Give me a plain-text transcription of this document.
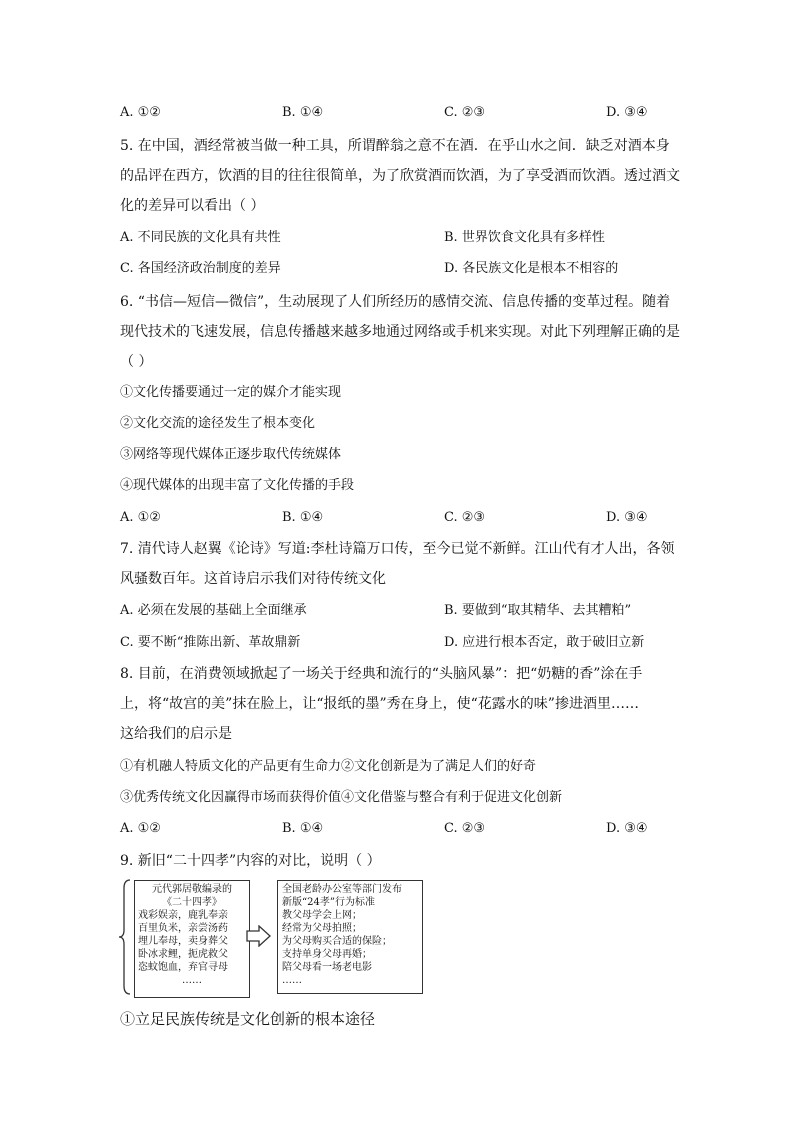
A. ①②	B. ①④	C. ②③	D. ③④
5. 在中国，酒经常被当做一种工具，所谓醉翁之意不在酒．在乎山水之间．缺乏对酒本身
的品评在西方，饮酒的目的往往很简单，为了欣赏酒而饮酒，为了享受酒而饮酒。透过酒文
化的差异可以看出（ ）
A. 不同民族的文化具有共性	B. 世界饮食文化具有多样性
C. 各国经济政治制度的差异	D. 各民族文化是根本不相容的
6. “书信—短信—微信”，生动展现了人们所经历的感情交流、信息传播的变革过程。随着
现代技术的飞速发展，信息传播越来越多地通过网络或手机来实现。对此下列理解正确的是
（ ）
①文化传播要通过一定的媒介才能实现
②文化交流的途径发生了根本变化
③网络等现代媒体正逐步取代传统媒体
④现代媒体的出现丰富了文化传播的手段
A. ①②	B. ①④	C. ②③	D. ③④
7. 清代诗人赵翼《论诗》写道:李杜诗篇万口传，至今已觉不新鲜。江山代有才人出，各领
风骚数百年。这首诗启示我们对待传统文化
A. 必须在发展的基础上全面继承	B. 要做到“取其精华、去其糟粕”
C. 要不断“推陈出新、革故鼎新	D. 应进行根本否定，敢于破旧立新
8. 目前，在消费领域掀起了一场关于经典和流行的“头脑风暴”：把“奶糖的香”涂在手
上，将“故宫的美”抹在脸上，让“报纸的墨”秀在身上，使“花露水的味”掺进酒里……
这给我们的启示是
①有机融人特质文化的产品更有生命力②文化创新是为了满足人们的好奇
③优秀传统文化因赢得市场而获得价值④文化借鉴与整合有利于促进文化创新
A. ①②	B. ①④	C. ②③	D. ③④
9. 新旧“二十四孝”内容的对比，说明（ ）
元代郭居敬编录的
《二十四孝》
戏彩娱亲，鹿乳奉亲
百里负米，亲尝汤药
埋儿奉母，卖身葬父
卧冰求鲤，扼虎救父
恣蚊饱血，弃官寻母
……
全国老龄办公室等部门发布
新版“24孝”行为标准
教父母学会上网；
经常为父母拍照；
为父母购买合适的保险；
支持单身父母再婚；
陪父母看一场老电影
……
①立足民族传统是文化创新的根本途径
